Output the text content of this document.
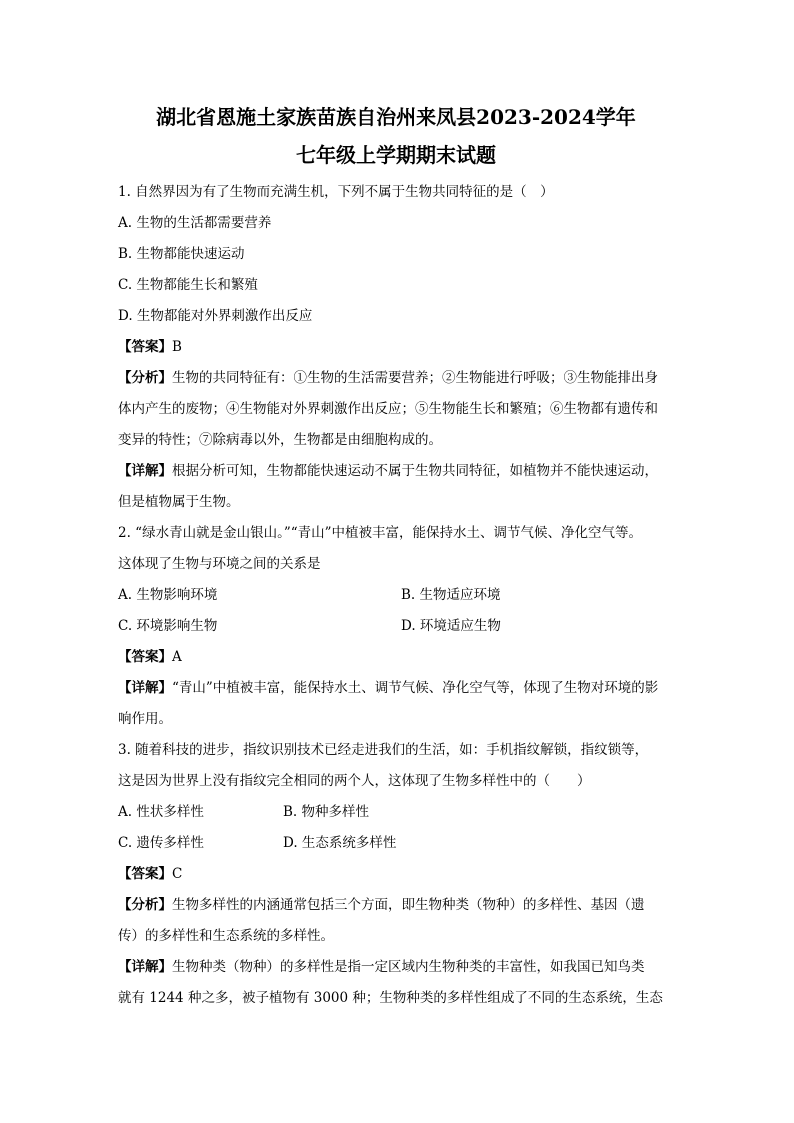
湖北省恩施土家族苗族自治州来凤县2023-2024学年
七年级上学期期末试题
1. 自然界因为有了生物而充满生机，下列不属于生物共同特征的是（　）
A. 生物的生活都需要营养
B. 生物都能快速运动
C. 生物都能生长和繁殖
D. 生物都能对外界刺激作出反应
【答案】B
【分析】生物的共同特征有：①生物的生活需要营养；②生物能进行呼吸；③生物能排出身
体内产生的废物；④生物能对外界刺激作出反应；⑤生物能生长和繁殖；⑥生物都有遗传和
变异的特性；⑦除病毒以外，生物都是由细胞构成的。
【详解】根据分析可知，生物都能快速运动不属于生物共同特征，如植物并不能快速运动，
但是植物属于生物。
2. “绿水青山就是金山银山。”“青山”中植被丰富，能保持水土、调节气候、净化空气等。
这体现了生物与环境之间的关系是
A. 生物影响环境	B. 生物适应环境
C. 环境影响生物	D. 环境适应生物
【答案】A
【详解】“青山”中植被丰富，能保持水土、调节气候、净化空气等，体现了生物对环境的影
响作用。
3. 随着科技的进步，指纹识别技术已经走进我们的生活，如：手机指纹解锁，指纹锁等，
这是因为世界上没有指纹完全相同的两个人，这体现了生物多样性中的（　　）
A. 性状多样性	B. 物种多样性
C. 遗传多样性	D. 生态系统多样性
【答案】C
【分析】生物多样性的内涵通常包括三个方面，即生物种类（物种）的多样性、基因（遗
传）的多样性和生态系统的多样性。
【详解】生物种类（物种）的多样性是指一定区域内生物种类的丰富性，如我国已知鸟类
就有 1244 种之多，被子植物有 3000 种；生物种类的多样性组成了不同的生态系统，生态
